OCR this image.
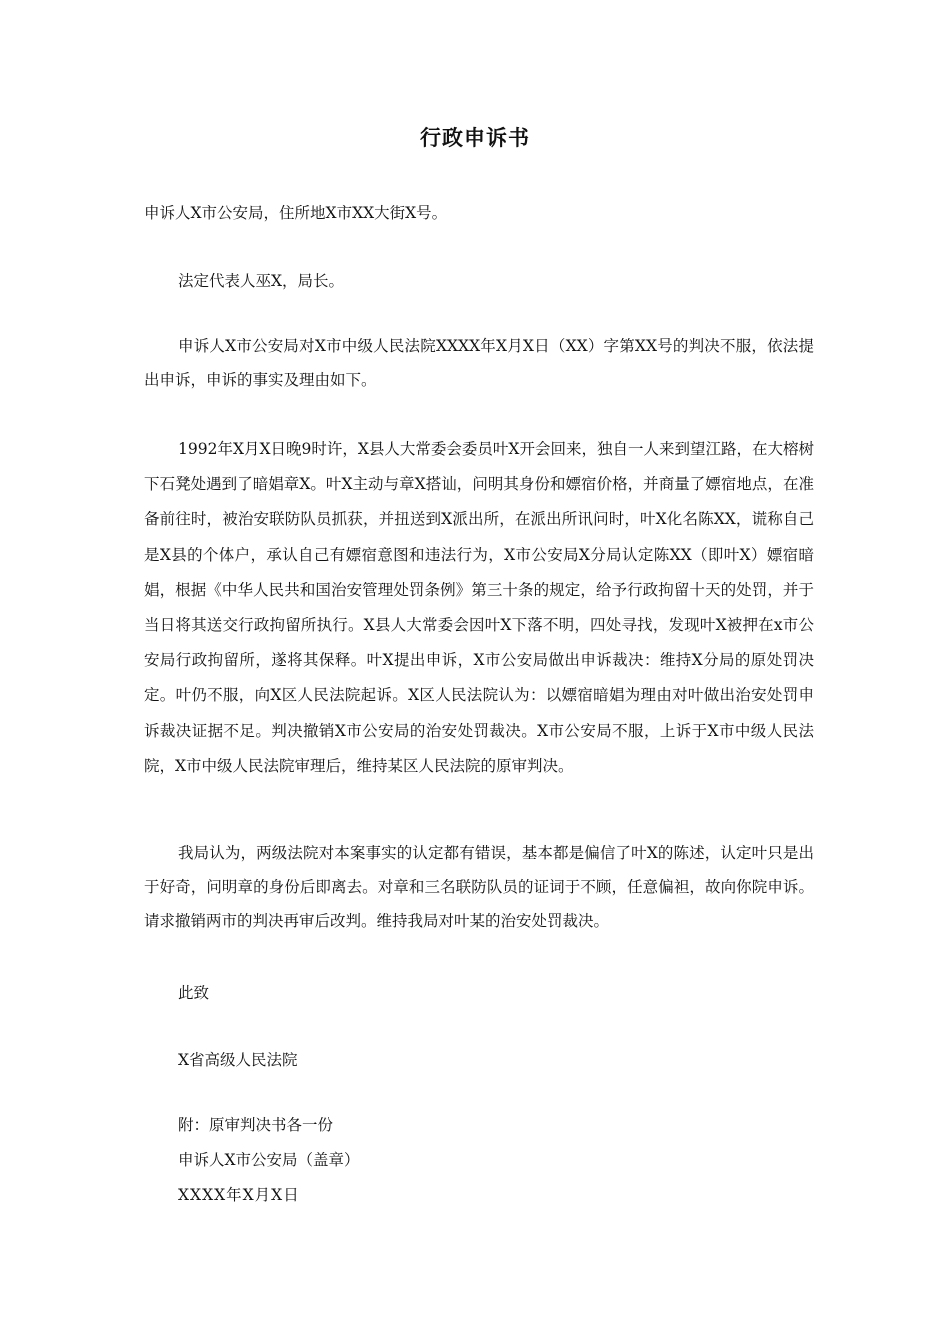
行政申诉书

申诉人X市公安局，住所地X市XX大街X号。

法定代表人巫X，局长。

申诉人X市公安局对X市中级人民法院XXXX年X月X日（XX）字第XX号的判决不服，依法提出申诉，申诉的事实及理由如下。

1992年X月X日晚9时许，X县人大常委会委员叶X开会回来，独自一人来到望江路，在大榕树下石凳处遇到了暗娼章X。叶X主动与章X搭讪，问明其身份和嫖宿价格，并商量了嫖宿地点，在准备前往时，被治安联防队员抓获，并扭送到X派出所，在派出所讯问时，叶X化名陈XX，谎称自己是X县的个体户，承认自己有嫖宿意图和违法行为，X市公安局X分局认定陈XX（即叶X）嫖宿暗娼，根据《中华人民共和国治安管理处罚条例》第三十条的规定，给予行政拘留十天的处罚，并于当日将其送交行政拘留所执行。X县人大常委会因叶X下落不明，四处寻找，发现叶X被押在x市公安局行政拘留所，遂将其保释。叶X提出申诉，X市公安局做出申诉裁决：维持X分局的原处罚决定。叶仍不服，向X区人民法院起诉。X区人民法院认为：以嫖宿暗娼为理由对叶做出治安处罚申诉裁决证据不足。判决撤销X市公安局的治安处罚裁决。X市公安局不服，上诉于X市中级人民法院，X市中级人民法院审理后，维持某区人民法院的原审判决。

我局认为，两级法院对本案事实的认定都有错误，基本都是偏信了叶X的陈述，认定叶只是出于好奇，问明章的身份后即离去。对章和三名联防队员的证词于不顾，任意偏袒，故向你院申诉。请求撤销两市的判决再审后改判。维持我局对叶某的治安处罚裁决。

此致

X省高级人民法院

附：原审判决书各一份

申诉人X市公安局（盖章）

XXXX年X月X日
